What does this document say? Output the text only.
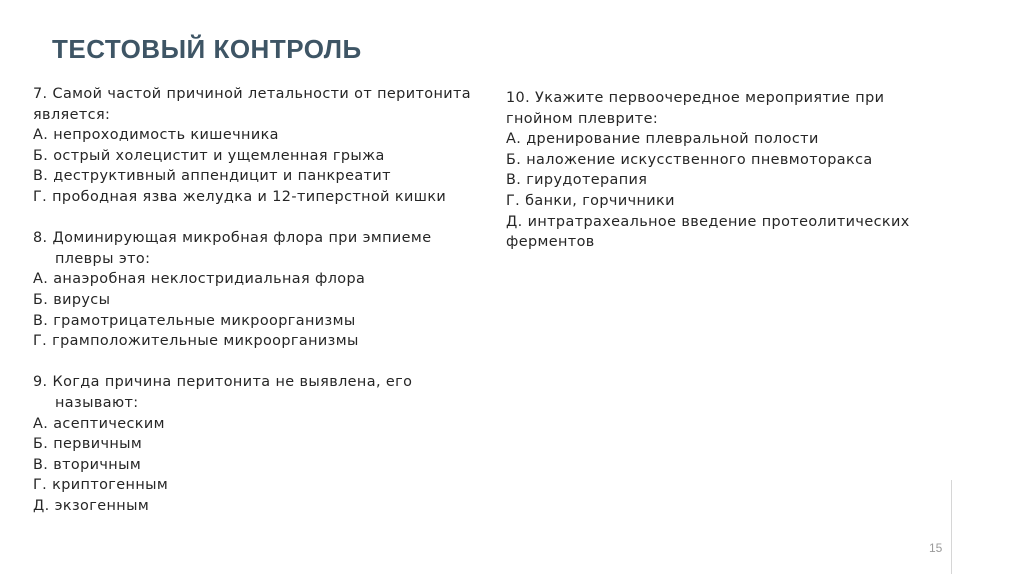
ТЕСТОВЫЙ КОНТРОЛЬ
7. Самой частой причиной летальности от перитонита является:
А. непроходимость кишечника
Б. острый холецистит и ущемленная грыжа
В. деструктивный аппендицит и панкреатит
Г. прободная язва желудка и 12-типерстной кишки
8. Доминирующая микробная флора при эмпиеме плевры это:
А. анаэробная неклостридиальная флора
Б. вирусы
В. грамотрицательные микроорганизмы
Г. грамположительные микроорганизмы
9. Когда причина перитонита не выявлена, его называют:
А. асептическим
Б. первичным
В. вторичным
Г. криптогенным
Д. экзогенным
10. Укажите первоочередное мероприятие при гнойном плеврите:
А. дренирование плевральной полости
Б. наложение искусственного пневмоторакса
В. гирудотерапия
Г. банки, горчичники
Д. интратрахеальное введение протеолитических ферментов
15
